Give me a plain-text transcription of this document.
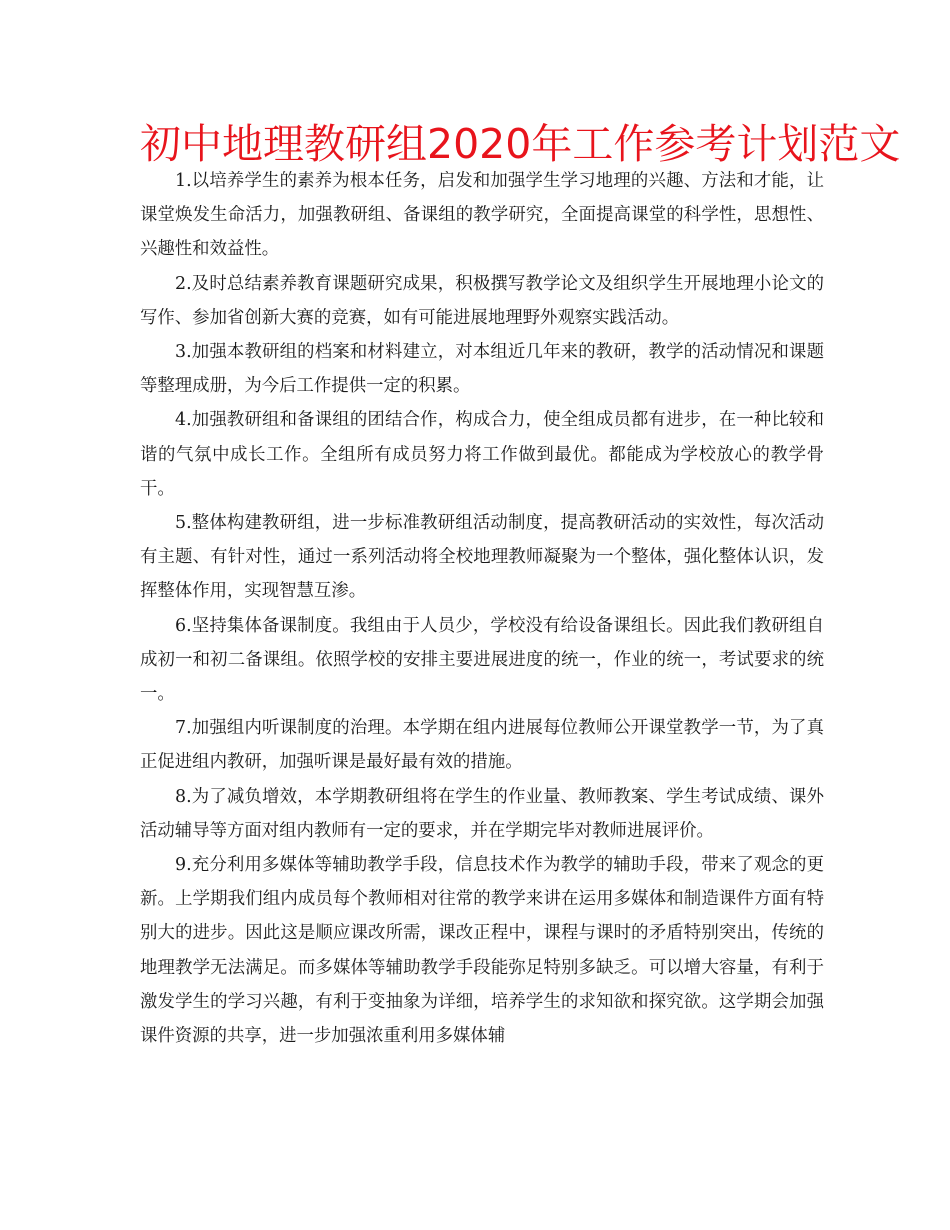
初中地理教研组2020年工作参考计划范文

1.以培养学生的素养为根本任务，启发和加强学生学习地理的兴趣、方法和才能，让课堂焕发生命活力，加强教研组、备课组的教学研究，全面提高课堂的科学性，思想性、兴趣性和效益性。

2.及时总结素养教育课题研究成果，积极撰写教学论文及组织学生开展地理小论文的写作、参加省创新大赛的竞赛，如有可能进展地理野外观察实践活动。

3.加强本教研组的档案和材料建立，对本组近几年来的教研，教学的活动情况和课题等整理成册，为今后工作提供一定的积累。

4.加强教研组和备课组的团结合作，构成合力，使全组成员都有进步，在一种比较和谐的气氛中成长工作。全组所有成员努力将工作做到最优。都能成为学校放心的教学骨干。

5.整体构建教研组，进一步标准教研组活动制度，提高教研活动的实效性，每次活动有主题、有针对性，通过一系列活动将全校地理教师凝聚为一个整体，强化整体认识，发挥整体作用，实现智慧互渗。

6.坚持集体备课制度。我组由于人员少，学校没有给设备课组长。因此我们教研组自成初一和初二备课组。依照学校的安排主要进展进度的统一，作业的统一，考试要求的统一。

7.加强组内听课制度的治理。本学期在组内进展每位教师公开课堂教学一节，为了真正促进组内教研，加强听课是最好最有效的措施。

8.为了减负增效，本学期教研组将在学生的作业量、教师教案、学生考试成绩、课外活动辅导等方面对组内教师有一定的要求，并在学期完毕对教师进展评价。

9.充分利用多媒体等辅助教学手段，信息技术作为教学的辅助手段，带来了观念的更新。上学期我们组内成员每个教师相对往常的教学来讲在运用多媒体和制造课件方面有特别大的进步。因此这是顺应课改所需，课改正程中，课程与课时的矛盾特别突出，传统的地理教学无法满足。而多媒体等辅助教学手段能弥足特别多缺乏。可以增大容量，有利于激发学生的学习兴趣，有利于变抽象为详细，培养学生的求知欲和探究欲。这学期会加强课件资源的共享，进一步加强浓重利用多媒体辅
